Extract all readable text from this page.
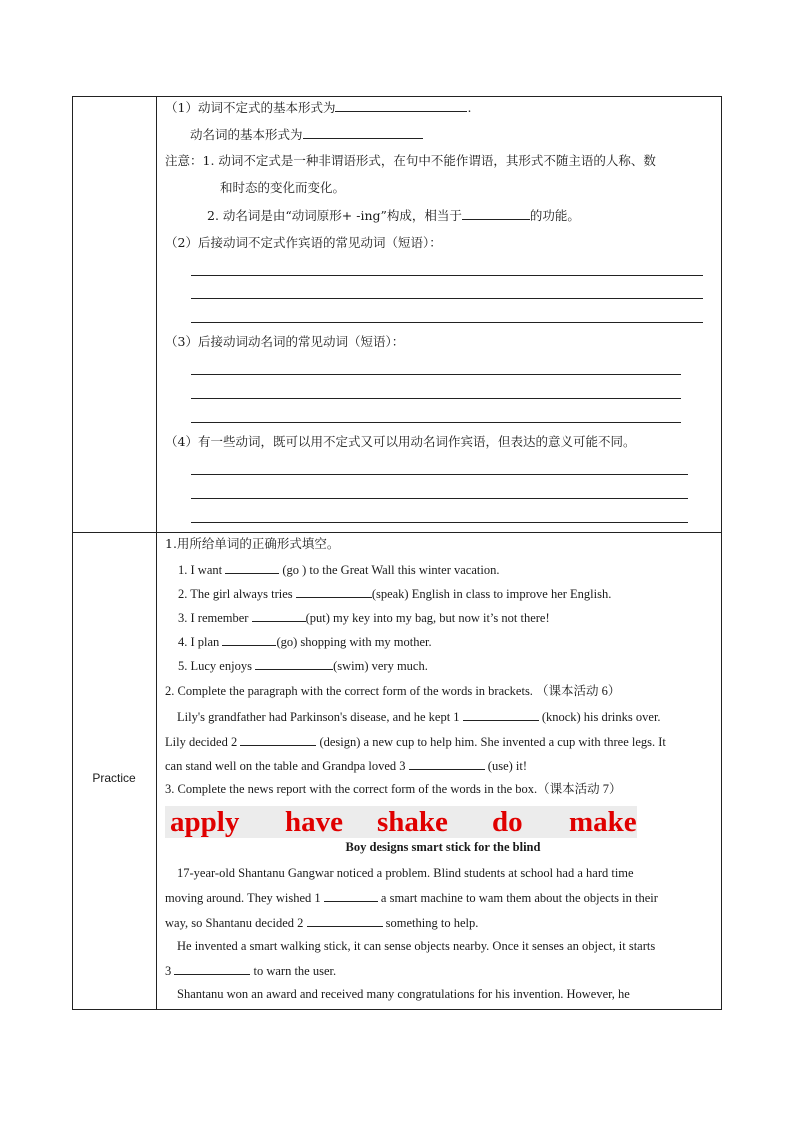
（1）动词不定式的基本形式为	.
动名词的基本形式为
注意：1. 动词不定式是一种非谓语形式，在句中不能作谓语，其形式不随主语的人称、数
和时态的变化而变化。
2. 动名词是由“动词原形+ -ing”构成，相当于	的功能。
（2）后接动词不定式作宾语的常见动词（短语）：
（3）后接动词动名词的常见动词（短语）：
（4）有一些动词，既可以用不定式又可以用动名词作宾语，但表达的意义可能不同。
Practice
1.用所给单词的正确形式填空。
1. I want	(go ) to the Great Wall this winter vacation.
2. The girl always tries	(speak) English in class to improve her English.
3. I remember	(put) my key into my bag, but now it’s not there!
4. I plan	(go) shopping with my mother.
5. Lucy enjoys	(swim) very much.
2. Complete the paragraph with the correct form of the words in brackets. （课本活动 6）
Lily's grandfather had Parkinson's disease, and he kept 1	(knock) his drinks over.
Lily decided 2	(design) a new cup to help him. She invented a cup with three legs. It
can stand well on the table and Grandpa loved 3	(use) it!
3. Complete the news report with the correct form of the words in the box.（课本活动 7）
apply have shake do make
Boy designs smart stick for the blind
17-year-old Shantanu Gangwar noticed a problem. Blind students at school had a hard time
moving around. They wished 1	a smart machine to wam them about the objects in their
way, so Shantanu decided 2	something to help.
He invented a smart walking stick, it can sense objects nearby. Once it senses an object, it starts
3	to warn the user.
Shantanu won an award and received many congratulations for his invention. However, he
